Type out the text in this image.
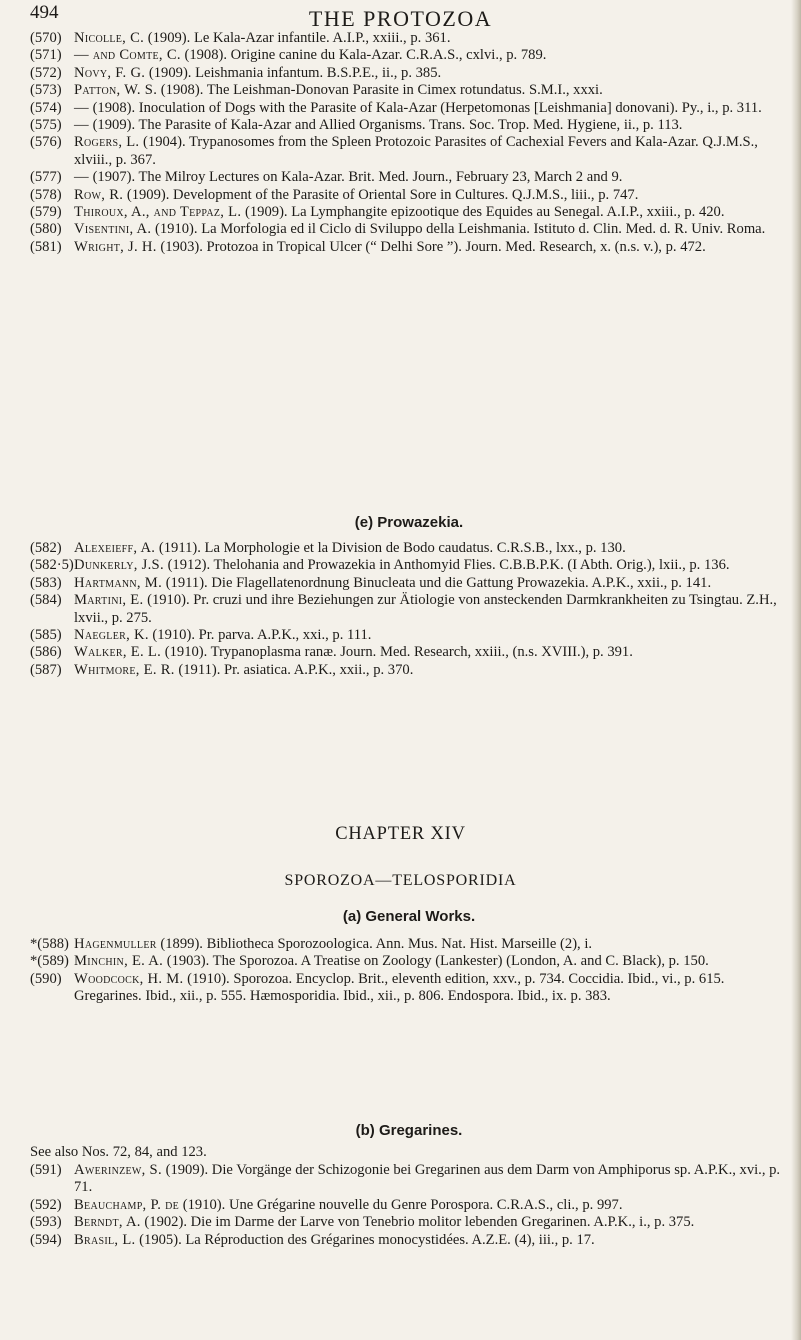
494	THE PROTOZOA

(570) Nicolle, C. (1909). Le Kala-Azar infantile. A.I.P., xxiii., p. 361.

(571) — and Comte, C. (1908). Origine canine du Kala-Azar. C.R.A.S., cxlvi., p. 789.

(572) Novy, F. G. (1909). Leishmania infantum. B.S.P.E., ii., p. 385.

(573) Patton, W. S. (1908). The Leishman-Donovan Parasite in Cimex rotundatus. S.M.I., xxxi.

(574) — (1908). Inoculation of Dogs with the Parasite of Kala-Azar (Herpetomonas [Leishmania] donovani). Py., i., p. 311.

(575) — (1909). The Parasite of Kala-Azar and Allied Organisms. Trans. Soc. Trop. Med. Hygiene, ii., p. 113.

(576) Rogers, L. (1904). Trypanosomes from the Spleen Protozoic Parasites of Cachexial Fevers and Kala-Azar. Q.J.M.S., xlviii., p. 367.

(577) — (1907). The Milroy Lectures on Kala-Azar. Brit. Med. Journ., February 23, March 2 and 9.

(578) Row, R. (1909). Development of the Parasite of Oriental Sore in Cultures. Q.J.M.S., liii., p. 747.

(579) Thiroux, A., and Teppaz, L. (1909). La Lymphangite epizootique des Equides au Senegal. A.I.P., xxiii., p. 420.

(580) Visentini, A. (1910). La Morfologia ed il Ciclo di Sviluppo della Leishmania. Istituto d. Clin. Med. d. R. Univ. Roma.

(581) Wright, J. H. (1903). Protozoa in Tropical Ulcer (“ Delhi Sore ”). Journ. Med. Research, x. (n.s. v.), p. 472.

(e) Prowazekia.

(582) Alexeieff, A. (1911). La Morphologie et la Division de Bodo caudatus. C.R.S.B., lxx., p. 130.

(582·5) Dunkerly, J.S. (1912). Thelohania and Prowazekia in Anthomyid Flies. C.B.B.P.K. (I Abth. Orig.), lxii., p. 136.

(583) Hartmann, M. (1911). Die Flagellatenordnung Binucleata und die Gattung Prowazekia. A.P.K., xxii., p. 141.

(584) Martini, E. (1910). Pr. cruzi und ihre Beziehungen zur Ätiologie von ansteckenden Darmkrankheiten zu Tsingtau. Z.H., lxvii., p. 275.

(585) Naegler, K. (1910). Pr. parva. A.P.K., xxi., p. 111.

(586) Walker, E. L. (1910). Trypanoplasma ranæ. Journ. Med. Research, xxiii., (n.s. XVIII.), p. 391.

(587) Whitmore, E. R. (1911). Pr. asiatica. A.P.K., xxii., p. 370.

CHAPTER XIV
SPOROZOA—TELOSPORIDIA

(a) General Works.

*(588) Hagenmuller (1899). Bibliotheca Sporozoologica. Ann. Mus. Nat. Hist. Marseille (2), i.

*(589) Minchin, E. A. (1903). The Sporozoa. A Treatise on Zoology (Lankester) (London, A. and C. Black), p. 150.

(590) Woodcock, H. M. (1910). Sporozoa. Encyclop. Brit., eleventh edition, xxv., p. 734. Coccidia. Ibid., vi., p. 615. Gregarines. Ibid., xii., p. 555. Hæmosporidia. Ibid., xii., p. 806. Endospora. Ibid., ix. p. 383.

(b) Gregarines.

See also Nos. 72, 84, and 123.

(591) Awerinzew, S. (1909). Die Vorgänge der Schizogonie bei Gregarinen aus dem Darm von Amphiporus sp. A.P.K., xvi., p. 71.

(592) Beauchamp, P. de (1910). Une Grégarine nouvelle du Genre Porospora. C.R.A.S., cli., p. 997.

(593) Berndt, A. (1902). Die im Darme der Larve von Tenebrio molitor lebenden Gregarinen. A.P.K., i., p. 375.

(594) Brasil, L. (1905). La Réproduction des Grégarines monocystidées. A.Z.E. (4), iii., p. 17.
